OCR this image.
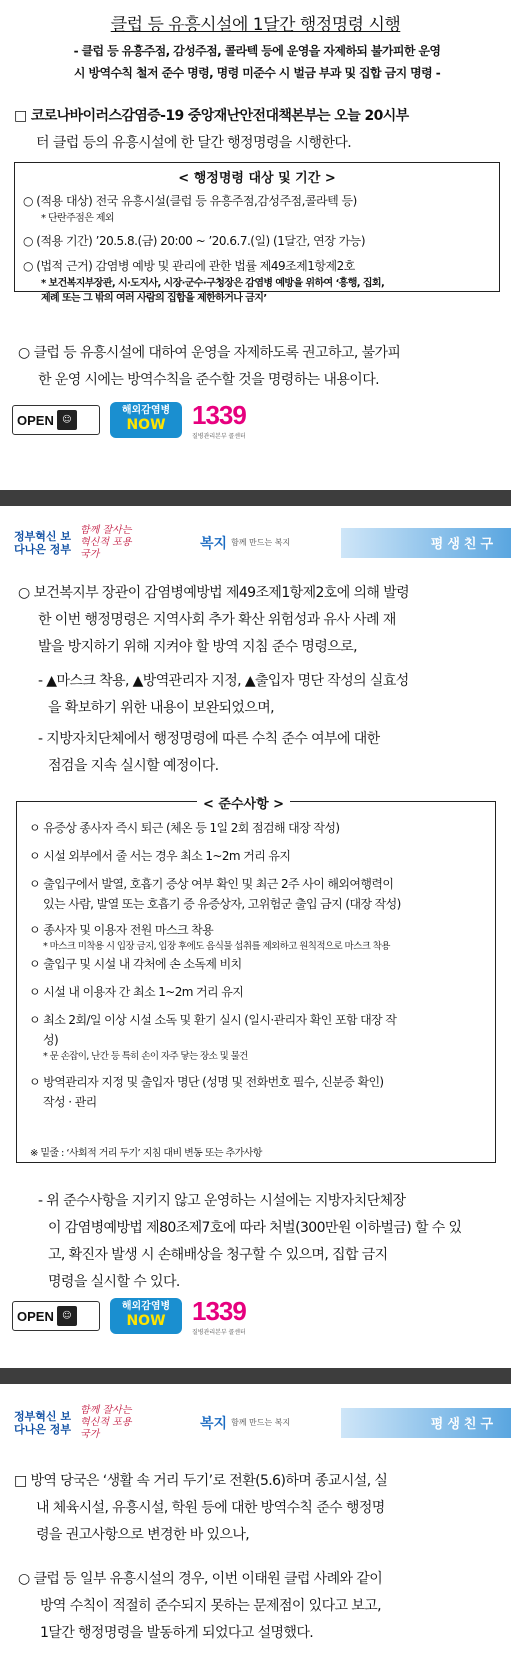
클럽 등 유흥시설에 1달간 행정명령 시행
- 클럽 등 유흥주점, 감성주점, 콜라텍 등에 운영을 자제하되 불가피한 운영
시 방역수칙 철저 준수 명령, 명령 미준수 시 벌금 부과 및 집합 금지 명령 -
□ 코로나바이러스감염증-19 중앙재난안전대책본부는 오늘 20시부
터 클럽 등의 유흥시설에 한 달간 행정명령을 시행한다.
< 행정명령 대상 및 기간 >
○ (적용 대상) 전국 유흥시설(클럽 등 유흥주점,감성주점,콜라텍 등)
* 단란주점은 제외
○ (적용 기간) ’20.5.8.(금) 20:00 ~ ’20.6.7.(일) (1달간, 연장 가능)
○ (법적 근거) 감염병 예방 및 관리에 관한 법률 제49조제1항제2호
* 보건복지부장관, 시·도지사, 시장·군수·구청장은 감염병 예방을 위하여 ‘흥행, 집회,
제례 또는 그 밖의 여러 사람의 집합을 제한하거나 금지’
○ 클럽 등 유흥시설에 대하여 운영을 자제하도록 권고하고, 불가피
한 운영 시에는 방역수칙을 준수할 것을 명령하는 내용이다.
OPEN ☺
해외감염병
NOW	1339
질병관리본부 콜센터
정부혁신 보다나은 정부
함께 잘사는 혁신적 포용국가
복지 함께 만드는 복지	평생친구
○ 보건복지부 장관이 감염병예방법 제49조제1항제2호에 의해 발령
한 이번 행정명령은 지역사회 추가 확산 위험성과 유사 사례 재
발을 방지하기 위해 지켜야 할 방역 지침 준수 명령으로,
- ▲마스크 착용, ▲방역관리자 지정, ▲출입자 명단 작성의 실효성
을 확보하기 위한 내용이 보완되었으며,
- 지방자치단체에서 행정명령에 따른 수칙 준수 여부에 대한
점검을 지속 실시할 예정이다.
< 준수사항 >
ㅇ 유증상 종사자 즉시 퇴근 (체온 등 1일 2회 점검해 대장 작성)
ㅇ 시설 외부에서 줄 서는 경우 최소 1~2m 거리 유지
ㅇ 출입구에서 발열, 호흡기 증상 여부 확인 및 최근 2주 사이 해외여행력이
있는 사람, 발열 또는 호흡기 증 유증상자, 고위험군 출입 금지 (대장 작성)
ㅇ 종사자 및 이용자 전원 마스크 착용
* 마스크 미착용 시 입장 금지, 입장 후에도 음식물 섭취를 제외하고 원칙적으로 마스크 착용
ㅇ 출입구 및 시설 내 각처에 손 소독제 비치
ㅇ 시설 내 이용자 간 최소 1~2m 거리 유지
ㅇ 최소 2회/일 이상 시설 소독 및 환기 실시 (일시·관리자 확인 포함 대장 작
성)
* 문 손잡이, 난간 등 특히 손이 자주 닿는 장소 및 물건
ㅇ 방역관리자 지정 및 출입자 명단 (성명 및 전화번호 필수, 신분증 확인)
작성 · 관리
※ 밑줄 : ‘사회적 거리 두기’ 지침 대비 변동 또는 추가사항
- 위 준수사항을 지키지 않고 운영하는 시설에는 지방자치단체장
이 감염병예방법 제80조제7호에 따라 처벌(300만원 이하벌금) 할 수 있
고, 확진자 발생 시 손해배상을 청구할 수 있으며, 집합 금지
명령을 실시할 수 있다.
OPEN ☺
해외감염병
NOW	1339
질병관리본부 콜센터
정부혁신 보다나은 정부
함께 잘사는 혁신적 포용국가
복지 함께 만드는 복지	평생친구
□ 방역 당국은 ‘생활 속 거리 두기’로 전환(5.6)하며 종교시설, 실
내 체육시설, 유흥시설, 학원 등에 대한 방역수칙 준수 행정명
령을 권고사항으로 변경한 바 있으나,
○ 클럽 등 일부 유흥시설의 경우, 이번 이태원 클럽 사례와 같이
방역 수칙이 적절히 준수되지 못하는 문제점이 있다고 보고,
1달간 행정명령을 발동하게 되었다고 설명했다.
